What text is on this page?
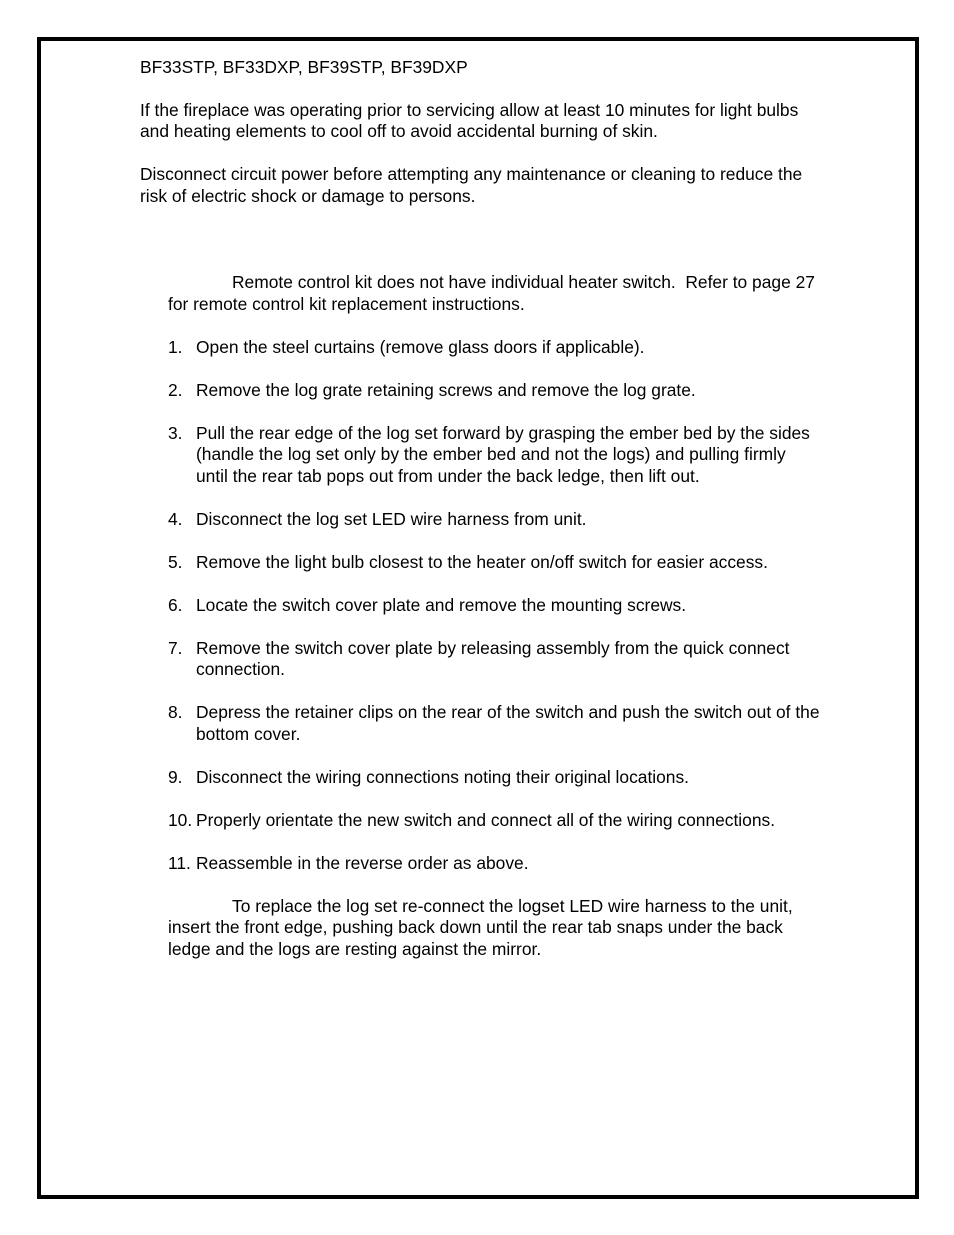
BF33STP, BF33DXP, BF39STP, BF39DXP

If the fireplace was operating prior to servicing allow at least 10 minutes for light bulbs

and heating elements to cool off to avoid accidental burning of skin.

Disconnect circuit power before attempting any maintenance or cleaning to reduce the

risk of electric shock or damage to persons.

Remote control kit does not have individual heater switch.  Refer to page 27

for remote control kit replacement instructions.

1. Open the steel curtains (remove glass doors if applicable).

2. Remove the log grate retaining screws and remove the log grate.

3. Pull the rear edge of the log set forward by grasping the ember bed by the sides

(handle the log set only by the ember bed and not the logs) and pulling firmly

until the rear tab pops out from under the back ledge, then lift out.

4. Disconnect the log set LED wire harness from unit.

5. Remove the light bulb closest to the heater on/off switch for easier access.

6. Locate the switch cover plate and remove the mounting screws.

7. Remove the switch cover plate by releasing assembly from the quick connect

connection.

8. Depress the retainer clips on the rear of the switch and push the switch out of the

bottom cover.

9. Disconnect the wiring connections noting their original locations.

10. Properly orientate the new switch and connect all of the wiring connections.

11. Reassemble in the reverse order as above.

To replace the log set re-connect the logset LED wire harness to the unit,

insert the front edge, pushing back down until the rear tab snaps under the back

ledge and the logs are resting against the mirror.
